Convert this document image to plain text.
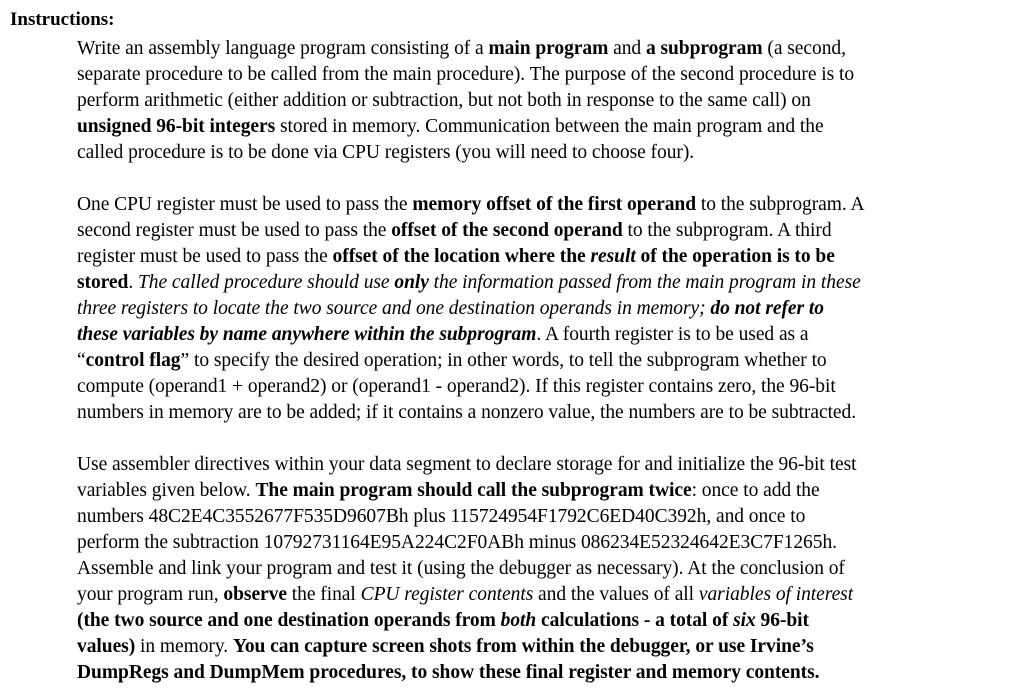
Instructions:
Write an assembly language program consisting of a main program and a subprogram (a second,
separate procedure to be called from the main procedure). The purpose of the second procedure is to
perform arithmetic (either addition or subtraction, but not both in response to the same call) on
unsigned 96-bit integers stored in memory. Communication between the main program and the
called procedure is to be done via CPU registers (you will need to choose four).
One CPU register must be used to pass the memory offset of the first operand to the subprogram. A
second register must be used to pass the offset of the second operand to the subprogram. A third
register must be used to pass the offset of the location where the result of the operation is to be
stored. The called procedure should use only the information passed from the main program in these
three registers to locate the two source and one destination operands in memory; do not refer to
these variables by name anywhere within the subprogram. A fourth register is to be used as a
“control flag” to specify the desired operation; in other words, to tell the subprogram whether to
compute (operand1 + operand2) or (operand1 - operand2). If this register contains zero, the 96-bit
numbers in memory are to be added; if it contains a nonzero value, the numbers are to be subtracted.
Use assembler directives within your data segment to declare storage for and initialize the 96-bit test
variables given below. The main program should call the subprogram twice: once to add the
numbers 48C2E4C3552677F535D9607Bh plus 115724954F1792C6ED40C392h, and once to
perform the subtraction 10792731164E95A224C2F0ABh minus 086234E52324642E3C7F1265h.
Assemble and link your program and test it (using the debugger as necessary). At the conclusion of
your program run, observe the final CPU register contents and the values of all variables of interest
(the two source and one destination operands from both calculations - a total of six 96-bit
values) in memory. You can capture screen shots from within the debugger, or use Irvine’s
DumpRegs and DumpMem procedures, to show these final register and memory contents.
